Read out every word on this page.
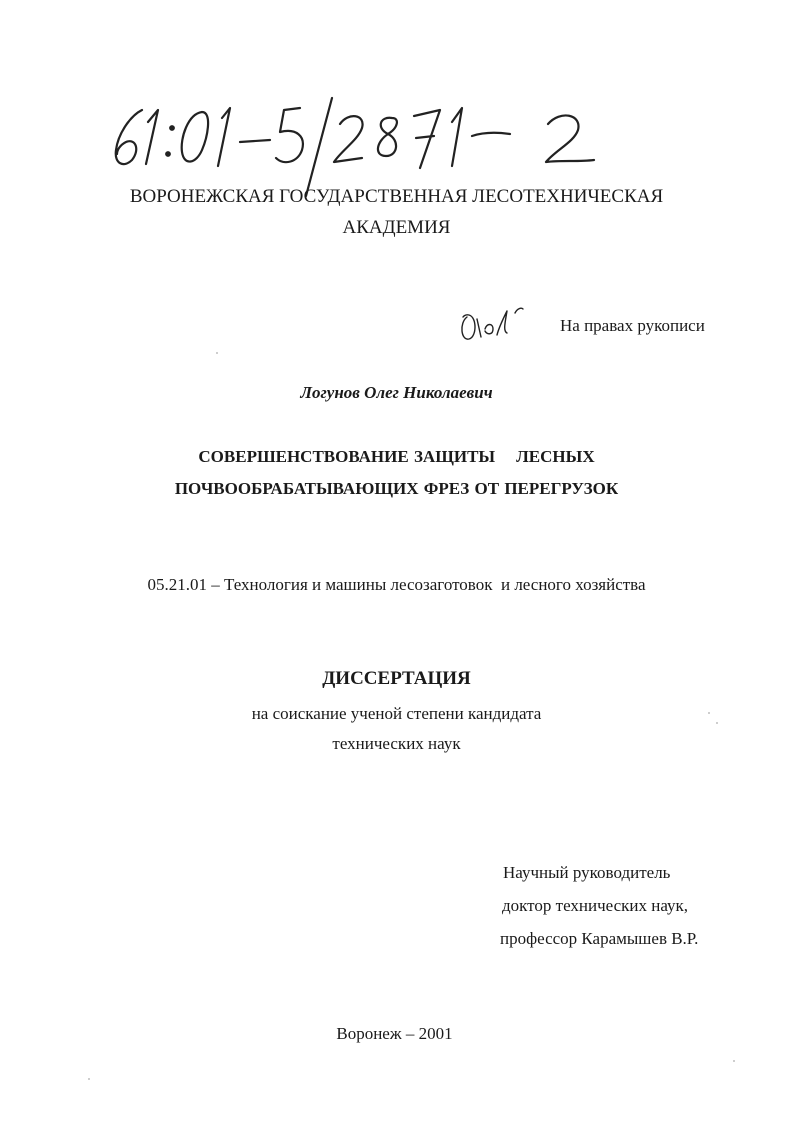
ВОРОНЕЖСКАЯ ГОСУДАРСТВЕННАЯ ЛЕСОТЕХНИЧЕСКАЯ
АКАДЕМИЯ
На правах рукописи
Логунов Олег Николаевич
СОВЕРШЕНСТВОВАНИЕ ЗАЩИТЫ    ЛЕСНЫХ
ПОЧВООБРАБАТЫВАЮЩИХ ФРЕЗ ОТ ПЕРЕГРУЗОК
05.21.01 – Технология и машины лесозаготовок  и лесного хозяйства
ДИССЕРТАЦИЯ
на соискание ученой степени кандидата
технических наук
Научный руководитель
доктор технических наук,
профессор Карамышев В.Р.
Воронеж – 2001
